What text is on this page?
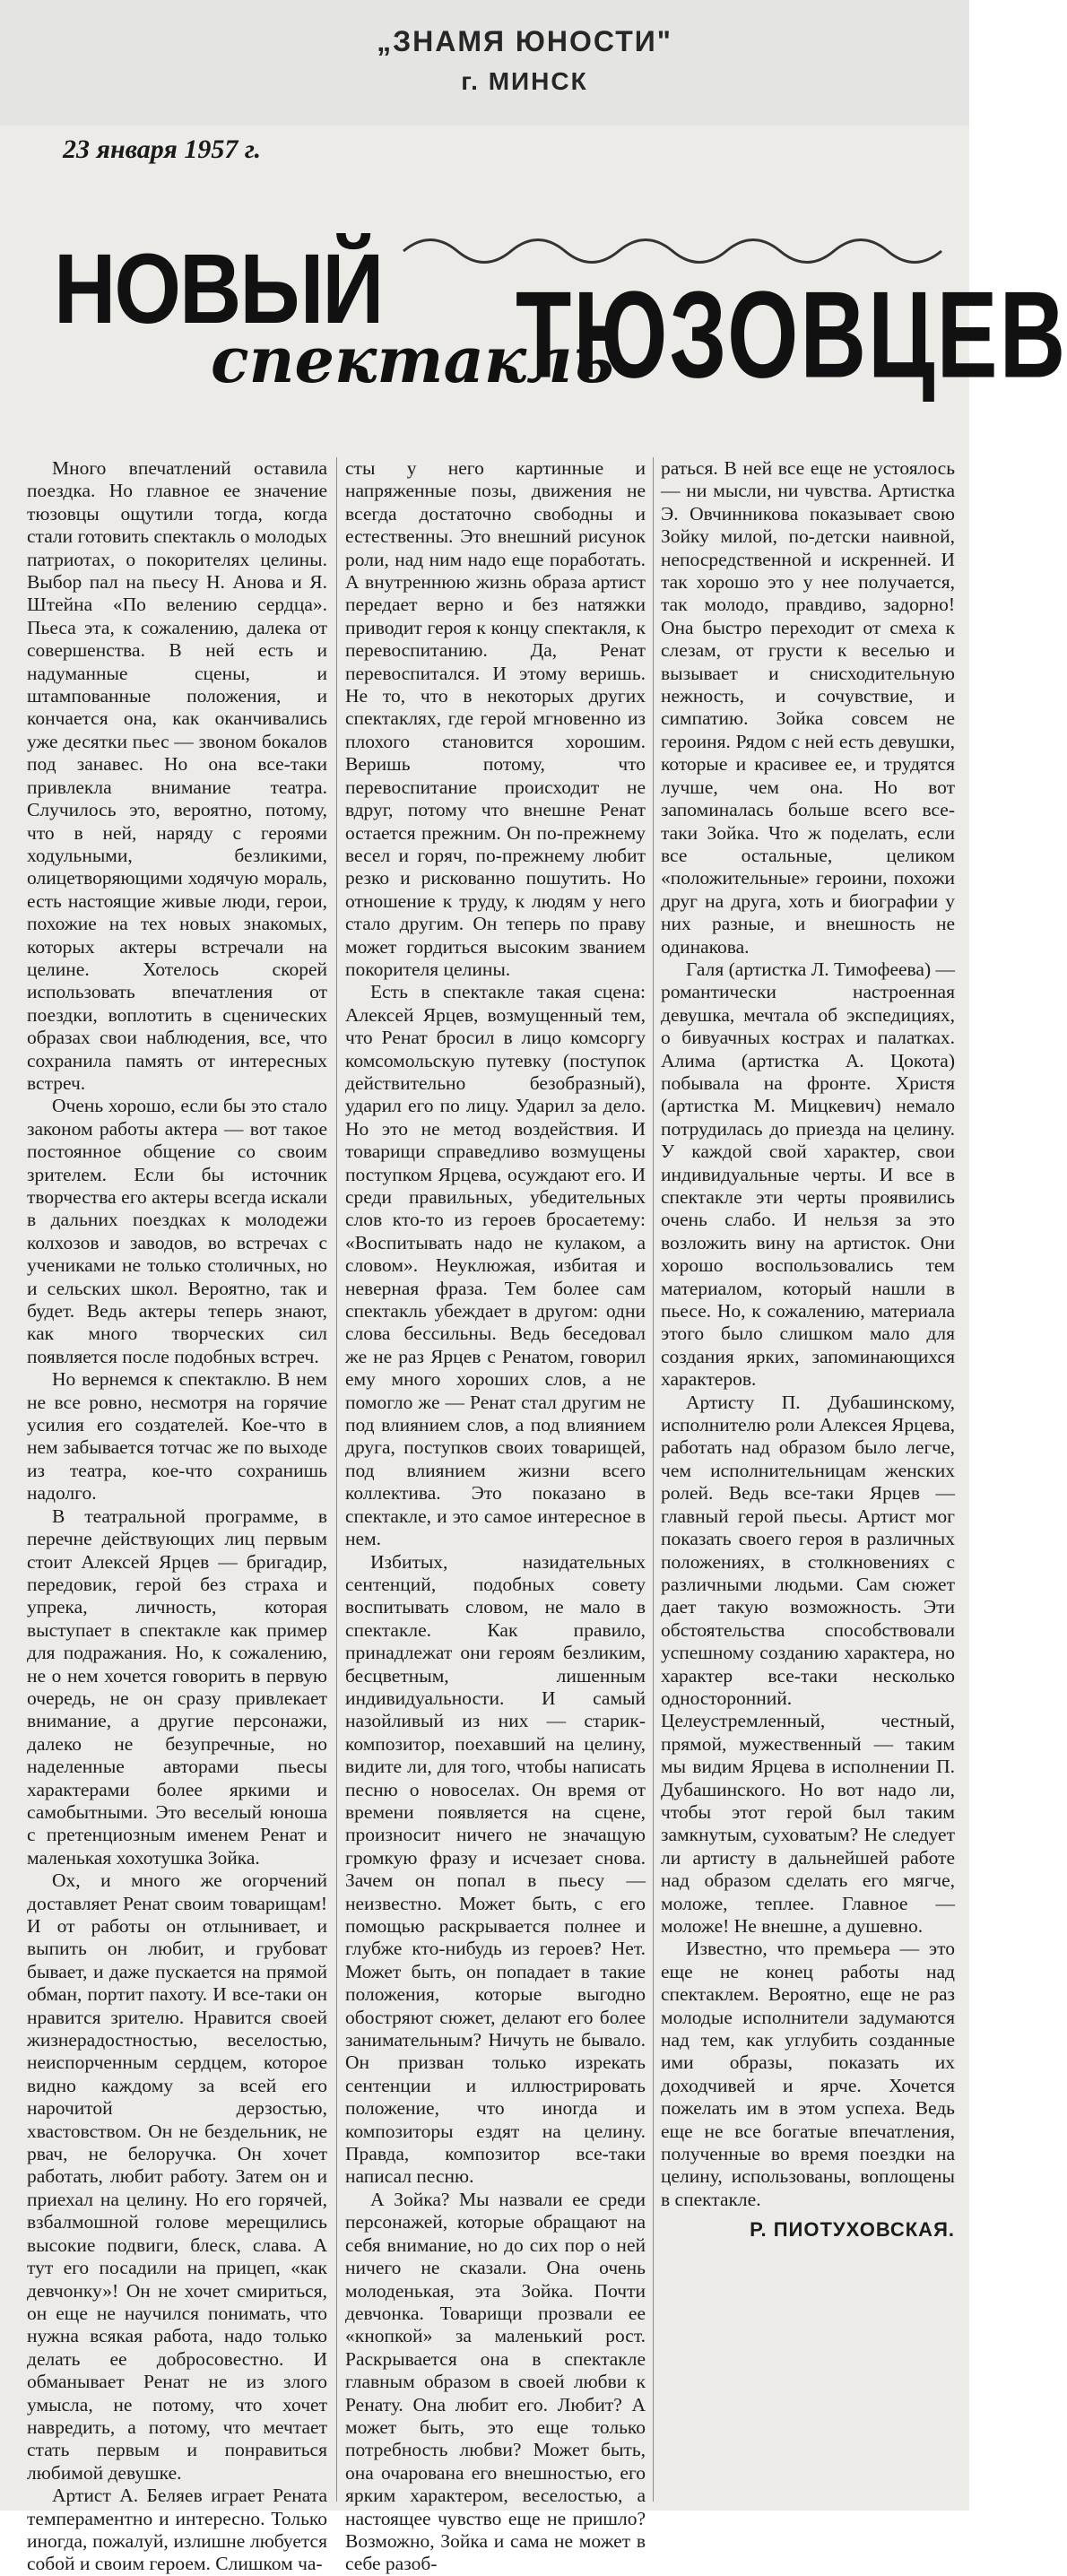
„ЗНАМЯ ЮНОСТИ"
г. МИНСК
23 января 1957 г.
НОВЫЙ
спектакль
ТЮЗОВЦЕВ

Много впечатлений оставила поездка. Но главное ее значение тюзовцы ощутили тогда, когда стали готовить спектакль о молодых патриотах, о покорителях целины. Выбор пал на пьесу Н. Анова и Я. Штейна «По велению сердца». Пьеса эта, к сожалению, далека от совершенства. В ней есть и надуманные сцены, и штампованные положения, и кончается она, как оканчивались уже десятки пьес — звоном бокалов под занавес. Но она все-таки привлекла внимание театра. Случилось это, вероятно, потому, что в ней, наряду с героями ходульными, безликими, олицетворяющими ходячую мораль, есть настоящие живые люди, герои, похожие на тех новых знакомых, которых актеры встречали на целине. Хотелось скорей использовать впечатления от поездки, воплотить в сценических образах свои наблюдения, все, что сохранила память от интересных встреч.

Очень хорошо, если бы это стало законом работы актера — вот такое постоянное общение со своим зрителем. Если бы источник творчества его актеры всегда искали в дальних поездках к молодежи колхозов и заводов, во встречах с учениками не только столичных, но и сельских школ. Вероятно, так и будет. Ведь актеры теперь знают, как много творческих сил появляется после подобных встреч.

Но вернемся к спектаклю. В нем не все ровно, несмотря на горячие усилия его создателей. Кое-что в нем забывается тотчас же по выходе из театра, кое-что сохранишь надолго.

В театральной программе, в перечне действующих лиц первым стоит Алексей Ярцев — бригадир, передовик, герой без страха и упрека, личность, которая выступает в спектакле как пример для подражания. Но, к сожалению, не о нем хочется говорить в первую очередь, не он сразу привлекает внимание, а другие персонажи, далеко не безупречные, но наделенные авторами пьесы характерами более яркими и самобытными. Это веселый юноша с претенциозным именем Ренат и маленькая хохотушка Зойка.

Ох, и много же огорчений доставляет Ренат своим товарищам! И от работы он отлынивает, и выпить он любит, и грубоват бывает, и даже пускается на прямой обман, портит пахоту. И все-таки он нравится зрителю. Нравится своей жизнерадостностью, веселостью, неиспорченным сердцем, которое видно каждому за всей его нарочитой дерзостью, хвастовством. Он не бездельник, не рвач, не белоручка. Он хочет работать, любит работу. Затем он и приехал на целину. Но его горячей, взбалмошной голове мерещились высокие подвиги, блеск, слава. А тут его посадили на прицеп, «как девчонку»! Он не хочет смириться, он еще не научился понимать, что нужна всякая работа, надо только делать ее добросовестно. И обманывает Ренат не из злого умысла, не потому, что хочет навредить, а потому, что мечтает стать первым и понравиться любимой девушке.

Артист А. Беляев играет Рената темпераментно и интересно. Только иногда, пожалуй, излишне любуется собой и своим героем. Слишком ча-

сты у него картинные и напряженные позы, движения не всегда достаточно свободны и естественны. Это внешний рисунок роли, над ним надо еще поработать. А внутреннюю жизнь образа артист передает верно и без натяжки приводит героя к концу спектакля, к перевоспитанию. Да, Ренат перевоспитался. И этому веришь. Не то, что в некоторых других спектаклях, где герой мгновенно из плохого становится хорошим. Веришь потому, что перевоспитание происходит не вдруг, потому что внешне Ренат остается прежним. Он по-прежнему весел и горяч, по-прежнему любит резко и рискованно пошутить. Но отношение к труду, к людям у него стало другим. Он теперь по праву может гордиться высоким званием покорителя целины.

Есть в спектакле такая сцена: Алексей Ярцев, возмущенный тем, что Ренат бросил в лицо комсоргу комсомольскую путевку (поступок действительно безобразный), ударил его по лицу. Ударил за дело. Но это не метод воздействия. И товарищи справедливо возмущены поступком Ярцева, осуждают его. И среди правильных, убедительных слов кто-то из героев бросаетему: «Воспитывать надо не кулаком, а словом». Неуклюжая, избитая и неверная фраза. Тем более сам спектакль убеждает в другом: одни слова бессильны. Ведь беседовал же не раз Ярцев с Ренатом, говорил ему много хороших слов, а не помогло же — Ренат стал другим не под влиянием слов, а под влиянием друга, поступков своих товарищей, под влиянием жизни всего коллектива. Это показано в спектакле, и это самое интересное в нем.

Избитых, назидательных сентенций, подобных совету воспитывать словом, не мало в спектакле. Как правило, принадлежат они героям безликим, бесцветным, лишенным индивидуальности. И самый назойливый из них — старик-композитор, поехавший на целину, видите ли, для того, чтобы написать песню о новоселах. Он время от времени появляется на сцене, произносит ничего не значащую громкую фразу и исчезает снова. Зачем он попал в пьесу — неизвестно. Может быть, с его помощью раскрывается полнее и глубже кто-нибудь из героев? Нет. Может быть, он попадает в такие положения, которые выгодно обостряют сюжет, делают его более занимательным? Ничуть не бывало. Он призван только изрекать сентенции и иллюстрировать положение, что иногда и композиторы ездят на целину. Правда, композитор все-таки написал песню.

А Зойка? Мы назвали ее среди персонажей, которые обращают на себя внимание, но до сих пор о ней ничего не сказали. Она очень молоденькая, эта Зойка. Почти девчонка. Товарищи прозвали ее «кнопкой» за маленький рост. Раскрывается она в спектакле главным образом в своей любви к Ренату. Она любит его. Любит? А может быть, это еще только потребность любви? Может быть, она очарована его внешностью, его ярким характером, веселостью, а настоящее чувство еще не пришло? Возможно, Зойка и сама не может в себе разоб-

раться. В ней все еще не устоялось — ни мысли, ни чувства. Артистка Э. Овчинникова показывает свою Зойку милой, по-детски наивной, непосредственной и искренней. И так хорошо это у нее получается, так молодо, правдиво, задорно! Она быстро переходит от смеха к слезам, от грусти к веселью и вызывает и снисходительную нежность, и сочувствие, и симпатию. Зойка совсем не героиня. Рядом с ней есть девушки, которые и красивее ее, и трудятся лучше, чем она. Но вот запоминалась больше всего все-таки Зойка. Что ж поделать, если все остальные, целиком «положительные» героини, похожи друг на друга, хоть и биографии у них разные, и внешность не одинакова.

Галя (артистка Л. Тимофеева) — романтически настроенная девушка, мечтала об экспедициях, о бивуачных кострах и палатках. Алима (артистка А. Цокота) побывала на фронте. Христя (артистка М. Мицкевич) немало потрудилась до приезда на целину. У каждой свой характер, свои индивидуальные черты. И все в спектакле эти черты проявились очень слабо. И нельзя за это возложить вину на артисток. Они хорошо воспользовались тем материалом, который нашли в пьесе. Но, к сожалению, материала этого было слишком мало для создания ярких, запоминающихся характеров.

Артисту П. Дубашинскому, исполнителю роли Алексея Ярцева, работать над образом было легче, чем исполнительницам женских ролей. Ведь все-таки Ярцев — главный герой пьесы. Артист мог показать своего героя в различных положениях, в столкновениях с различными людьми. Сам сюжет дает такую возможность. Эти обстоятельства способствовали успешному созданию характера, но характер все-таки несколько односторонний. Целеустремленный, честный, прямой, мужественный — таким мы видим Ярцева в исполнении П. Дубашинского. Но вот надо ли, чтобы этот герой был таким замкнутым, суховатым? Не следует ли артисту в дальнейшей работе над образом сделать его мягче, моложе, теплее. Главное — моложе! Не внешне, а душевно.

Известно, что премьера — это еще не конец работы над спектаклем. Вероятно, еще не раз молодые исполнители задумаются над тем, как углубить созданные ими образы, показать их доходчивей и ярче. Хочется пожелать им в этом успеха. Ведь еще не все богатые впечатления, полученные во время поездки на целину, использованы, воплощены в спектакле.

Р. ПИОТУХОВСКАЯ.
